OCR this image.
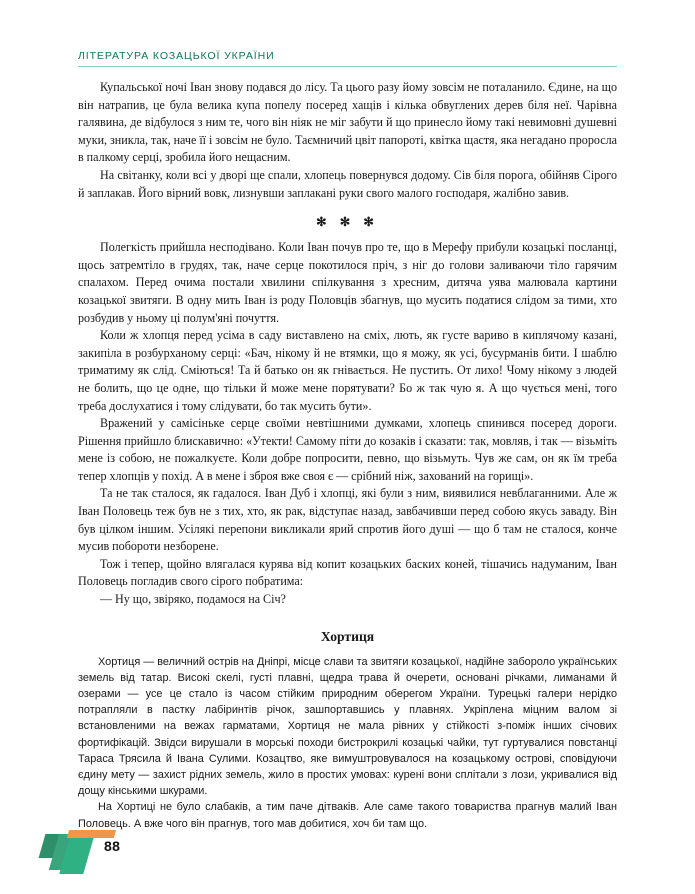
ЛІТЕРАТУРА КОЗАЦЬКОЇ УКРАЇНИ

Купальської ночі Іван знову подався до лісу. Та цього разу йому зовсім не поталанило. Єдине, на що він натрапив, це була велика купа попелу посеред хащів і кілька обвуглених дерев біля неї. Чарівна галявина, де відбулося з ним те, чого він ніяк не міг забути й що принесло йому такі невимовні душевні муки, зникла, так, наче її і зовсім не було. Таємничий цвіт папороті, квітка щастя, яка негадано проросла в палкому серці, зробила його нещасним.

На світанку, коли всі у дворі ще спали, хлопець повернувся додому. Сів біля порога, обійняв Сірого й заплакав. Його вірний вовк, лизнувши заплакані руки свого малого господаря, жалібно завив.

✻ ✻ ✻

Полегкість прийшла несподівано. Коли Іван почув про те, що в Мерефу прибули козацькі посланці, щось затремтіло в грудях, так, наче серце покотилося пріч, з ніг до голови заливаючи тіло гарячим спалахом. Перед очима постали хвилини спілкування з хресним, дитяча уява малювала картини козацької звитяги. В одну мить Іван із роду Половців збагнув, що мусить податися слідом за тими, хто розбудив у ньому ці полум'яні почуття.

Коли ж хлопця перед усіма в саду виставлено на сміх, лють, як густе вариво в киплячому казані, закипіла в розбурханому серці: «Бач, нікому й не втямки, що я можу, як усі, бусурманів бити. І шаблю триматиму як слід. Сміються! Та й батько он як гнівається. Не пустить. От лихо! Чому нікому з людей не болить, що це одне, що тільки й може мене порятувати? Бо ж так чую я. А що чується мені, того треба дослухатися і тому слідувати, бо так мусить бути».

Вражений у самісіньке серце своїми невтішними думками, хлопець спинився посеред дороги. Рішення прийшло блискавично: «Утекти! Самому піти до козаків і сказати: так, мовляв, і так — візьміть мене із собою, не пожалкуєте. Коли добре попросити, певно, що візьмуть. Чув же сам, он як їм треба тепер хлопців у похід. А в мене і зброя вже своя є — срібний ніж, захований на горищі».

Та не так сталося, як гадалося. Іван Дуб і хлопці, які були з ним, виявилися невблаганними. Але ж Іван Половець теж був не з тих, хто, як рак, відступає назад, завбачивши перед собою якусь заваду. Він був цілком іншим. Усілякі перепони викликали ярий спротив його душі — що б там не сталося, конче мусив побороти незборене.

Тож і тепер, щойно влягалася курява від копит козацьких баских коней, тішачись надуманим, Іван Половець погладив свого сірого побратима:

— Ну що, звіряко, подамося на Січ?

Хортиця

Хортиця — величний острів на Дніпрі, місце слави та звитяги козацької, надійне забороло українських земель від татар. Високі скелі, густі плавні, щедра трава й очерети, основані річками, лиманами й озерами — усе це стало із часом стійким природним оберегом України. Турецькі галери нерідко потрапляли в пастку лабіринтів річок, зашпортавшись у плавнях. Укріплена міцним валом зі встановленими на вежах гарматами, Хортиця не мала рівних у стійкості з-поміж інших січових фортифікацій. Звідси вирушали в морські походи бистрокрилі козацькі чайки, тут гуртувалися повстанці Тараса Трясила й Івана Сулими. Козацтво, яке вимуштровувалося на козацькому острові, сповідуючи єдину мету — захист рідних земель, жило в простих умовах: курені вони сплітали з лози, укривалися від дощу кінськими шкурами.

На Хортиці не було слабаків, а тим паче дітваків. Але саме такого товариства прагнув малий Іван Половець. А вже чого він прагнув, того мав добитися, хоч би там що.

88
